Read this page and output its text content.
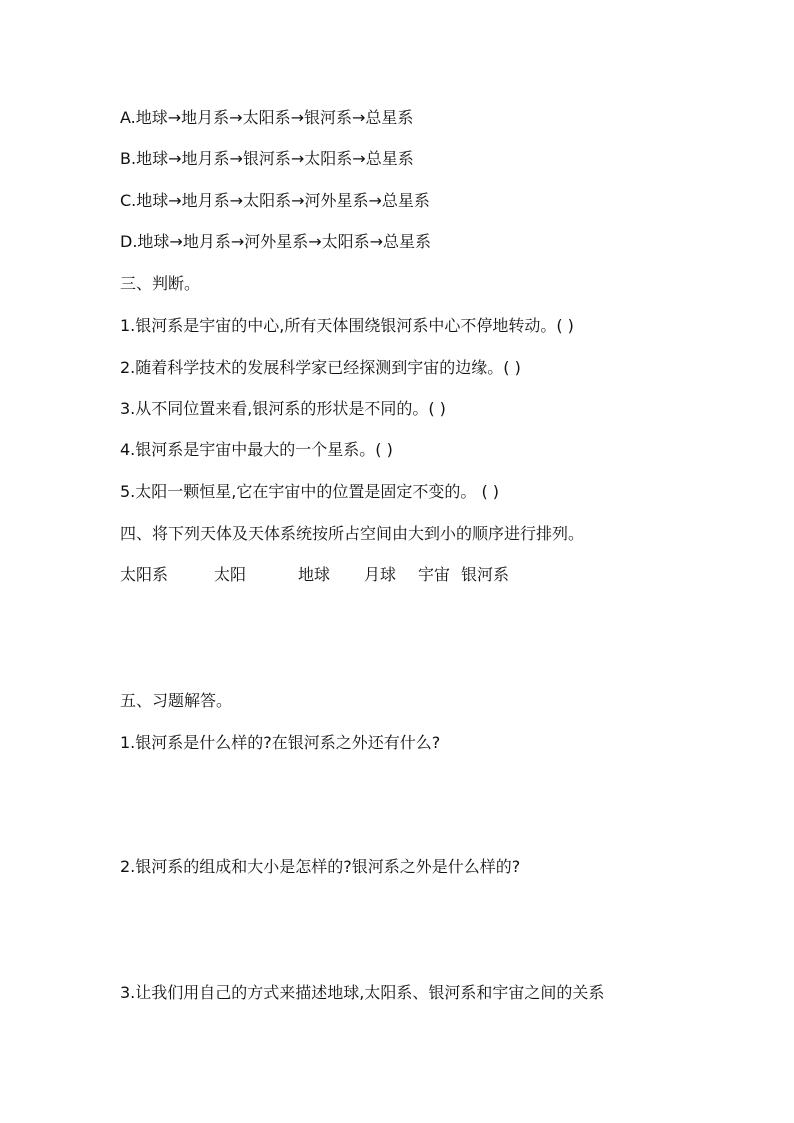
A.地球→地月系→太阳系→银河系→总星系
B.地球→地月系→银河系→太阳系→总星系
C.地球→地月系→太阳系→河外星系→总星系
D.地球→地月系→河外星系→太阳系→总星系
三、判断。
1.银河系是宇宙的中心,所有天体围绕银河系中心不停地转动。( )
2.随着科学技术的发展科学家已经探测到宇宙的边缘。( )
3.从不同位置来看,银河系的形状是不同的。( )
4.银河系是宇宙中最大的一个星系。( )
5.太阳一颗恒星,它在宇宙中的位置是固定不变的。 ( )
四、将下列天体及天体系统按所占空间由大到小的顺序进行排列。
太阳系	太阳	地球	月球	宇宙 银河系
五、习题解答。
1.银河系是什么样的?在银河系之外还有什么?
2.银河系的组成和大小是怎样的?银河系之外是什么样的?
3.让我们用自己的方式来描述地球,太阳系、银河系和宇宙之间的关系
